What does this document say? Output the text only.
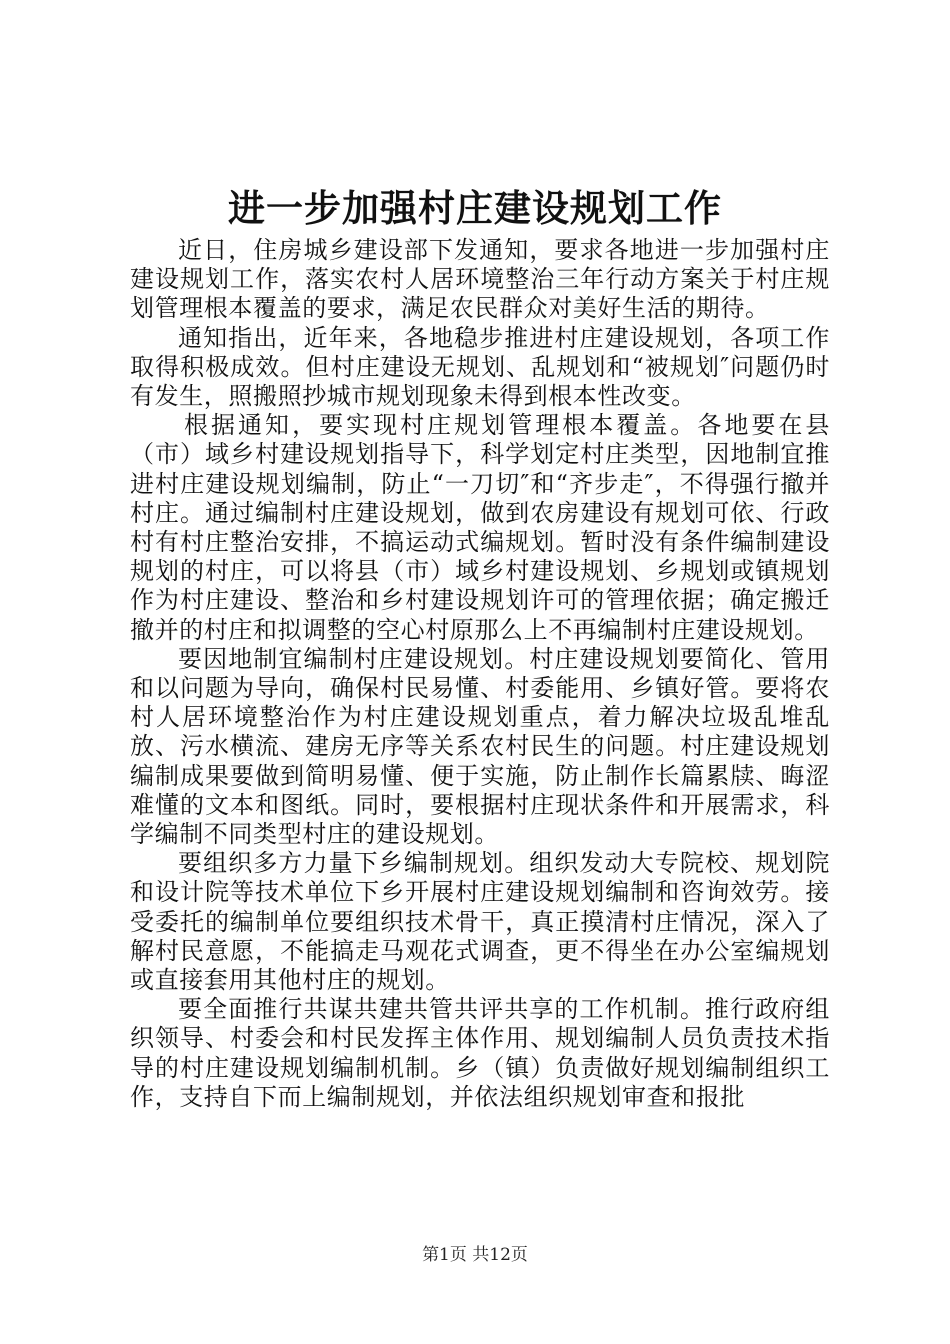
进一步加强村庄建设规划工作

近日，住房城乡建设部下发通知，要求各地进一步加强村庄建设规划工作，落实农村人居环境整治三年行动方案关于村庄规划管理根本覆盖的要求，满足农民群众对美好生活的期待。

通知指出，近年来，各地稳步推进村庄建设规划，各项工作取得积极成效。但村庄建设无规划、乱规划和“被规划″问题仍时有发生，照搬照抄城市规划现象未得到根本性改变。

根据通知，要实现村庄规划管理根本覆盖。各地要在县（市）域乡村建设规划指导下，科学划定村庄类型，因地制宜推进村庄建设规划编制，防止“一刀切″和“齐步走″，不得强行撤并村庄。通过编制村庄建设规划，做到农房建设有规划可依、行政村有村庄整治安排，不搞运动式编规划。暂时没有条件编制建设规划的村庄，可以将县（市）域乡村建设规划、乡规划或镇规划作为村庄建设、整治和乡村建设规划许可的管理依据；确定搬迁撤并的村庄和拟调整的空心村原那么上不再编制村庄建设规划。

要因地制宜编制村庄建设规划。村庄建设规划要简化、管用和以问题为导向，确保村民易懂、村委能用、乡镇好管。要将农村人居环境整治作为村庄建设规划重点，着力解决垃圾乱堆乱放、污水横流、建房无序等关系农村民生的问题。村庄建设规划编制成果要做到简明易懂、便于实施，防止制作长篇累牍、晦涩难懂的文本和图纸。同时，要根据村庄现状条件和开展需求，科学编制不同类型村庄的建设规划。

要组织多方力量下乡编制规划。组织发动大专院校、规划院和设计院等技术单位下乡开展村庄建设规划编制和咨询效劳。接受委托的编制单位要组织技术骨干，真正摸清村庄情况，深入了解村民意愿，不能搞走马观花式调查，更不得坐在办公室编规划或直接套用其他村庄的规划。

要全面推行共谋共建共管共评共享的工作机制。推行政府组织领导、村委会和村民发挥主体作用、规划编制人员负责技术指导的村庄建设规划编制机制。乡（镇）负责做好规划编制组织工作，支持自下而上编制规划，并依法组织规划审查和报批

第1页 共12页
